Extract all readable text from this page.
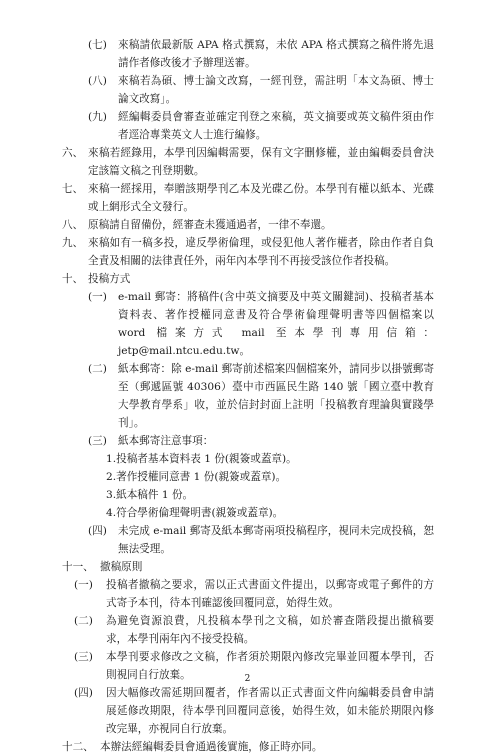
(七) 來稿請依最新版 APA 格式撰寫，未依 APA 格式撰寫之稿件將先退請作者修改後才予辦理送審。
(八) 來稿若為碩、博士論文改寫，一經刊登，需註明「本文為碩、博士論文改寫」。
(九) 經編輯委員會審查並確定刊登之來稿，英文摘要或英文稿件須由作者逕洽專業英文人士進行編修。
六、 來稿若經錄用，本學刊因編輯需要，保有文字刪修權，並由編輯委員會決定該篇文稿之刊登期數。
七、 來稿一經採用，奉贈該期學刊乙本及光碟乙份。本學刊有權以紙本、光碟或上網形式全文發行。
八、 原稿請自留備份，經審查未獲通過者，一律不奉還。
九、 來稿如有一稿多投，違反學術倫理，或侵犯他人著作權者，除由作者自負全責及相關的法律責任外，兩年內本學刊不再接受該位作者投稿。
十、 投稿方式
(一) e-mail 郵寄：將稿件(含中英文摘要及中英文關鍵詞)、投稿者基本資料表、著作授權同意書及符合學術倫理聲明書等四個檔案以 word 檔案方式 mail 至本學刊專用信箱：jetp@mail.ntcu.edu.tw。
(二) 紙本郵寄：除 e-mail 郵寄前述檔案四個檔案外，請同步以掛號郵寄至（郵遞區號 40306）臺中市西區民生路 140 號「國立臺中教育大學教育學系」收，並於信封封面上註明「投稿教育理論與實踐學刊」。
(三) 紙本郵寄注意事項：
1.投稿者基本資料表 1 份(親簽或蓋章)。
2.著作授權同意書 1 份(親簽或蓋章)。
3.紙本稿件 1 份。
4.符合學術倫理聲明書(親簽或蓋章)。
(四) 未完成 e-mail 郵寄及紙本郵寄兩項投稿程序，視同未完成投稿，恕無法受理。
十一、 撤稿原則
(一) 投稿者撤稿之要求，需以正式書面文件提出，以郵寄或電子郵件的方式寄予本刊，待本刊確認後回覆同意，始得生效。
(二) 為避免資源浪費，凡投稿本學刊之文稿，如於審查階段提出撤稿要求，本學刊兩年內不接受投稿。
(三) 本學刊要求修改之文稿，作者須於期限內修改完畢並回覆本學刊，否則視同自行放棄。
(四) 因大幅修改需延期回覆者，作者需以正式書面文件向編輯委員會申請展延修改期限，待本學刊回覆同意後，始得生效，如未能於期限內修改完畢，亦視同自行放棄。
十二、 本辦法經編輯委員會通過後實施，修正時亦同。
2
